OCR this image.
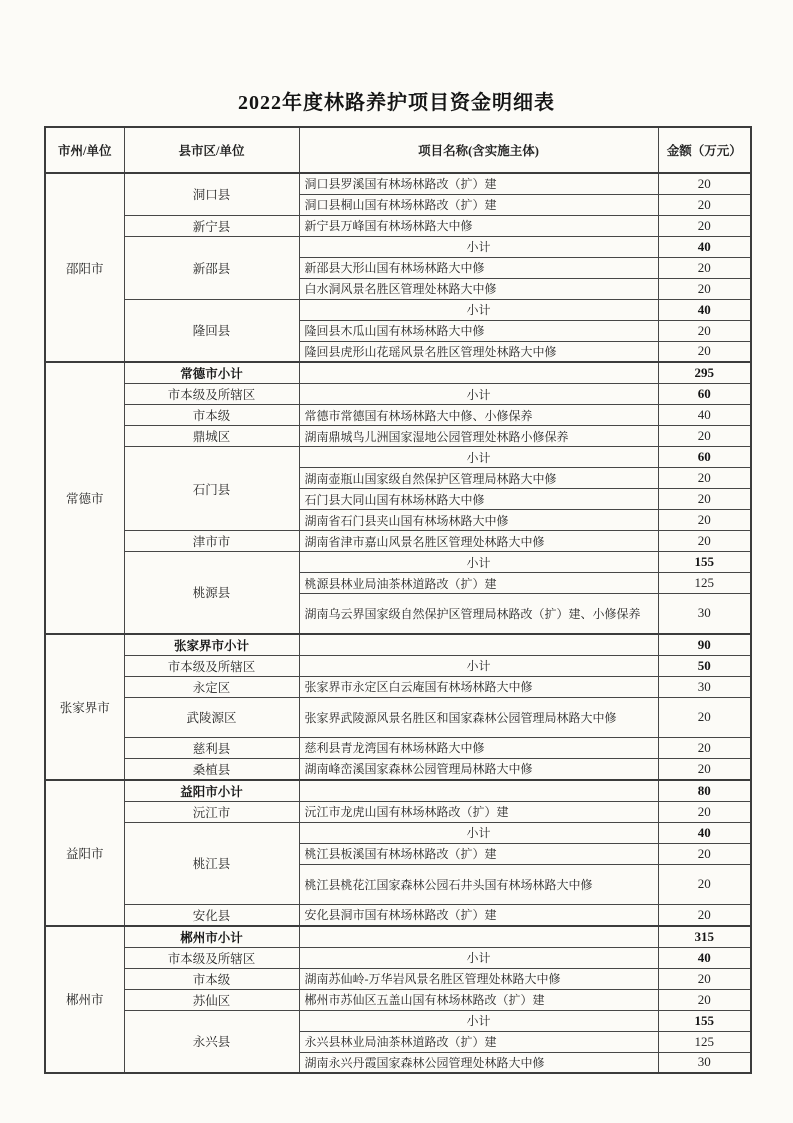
2022年度林路养护项目资金明细表
市州/单位	县市区/单位	项目名称(含实施主体)	金额（万元）
邵阳市	洞口县	洞口县罗溪国有林场林路改（扩）建	20
		洞口县桐山国有林场林路改（扩）建	20
	新宁县	新宁县万峰国有林场林路大中修	20
	新邵县	小计	40
		新邵县大形山国有林场林路大中修	20
		白水洞风景名胜区管理处林路大中修	20
	隆回县	小计	40
		隆回县木瓜山国有林场林路大中修	20
		隆回县虎形山花瑶风景名胜区管理处林路大中修	20
常德市	常德市小计		295
	市本级及所辖区	小计	60
	市本级	常德市常德国有林场林路大中修、小修保养	40
	鼎城区	湖南鼎城鸟儿洲国家湿地公园管理处林路小修保养	20
	石门县	小计	60
		湖南壶瓶山国家级自然保护区管理局林路大中修	20
		石门县大同山国有林场林路大中修	20
		湖南省石门县夹山国有林场林路大中修	20
	津市市	湖南省津市嘉山风景名胜区管理处林路大中修	20
	桃源县	小计	155
		桃源县林业局油茶林道路改（扩）建	125
		湖南乌云界国家级自然保护区管理局林路改（扩）建、小修保养	30
张家界市	张家界市小计		90
	市本级及所辖区	小计	50
	永定区	张家界市永定区白云庵国有林场林路大中修	30
	武陵源区	张家界武陵源风景名胜区和国家森林公园管理局林路大中修	20
	慈利县	慈利县青龙湾国有林场林路大中修	20
	桑植县	湖南峰峦溪国家森林公园管理局林路大中修	20
益阳市	益阳市小计		80
	沅江市	沅江市龙虎山国有林场林路改（扩）建	20
	桃江县	小计	40
		桃江县板溪国有林场林路改（扩）建	20
		桃江县桃花江国家森林公园石井头国有林场林路大中修	20
	安化县	安化县洞市国有林场林路改（扩）建	20
郴州市	郴州市小计		315
	市本级及所辖区	小计	40
	市本级	湖南苏仙岭-万华岩风景名胜区管理处林路大中修	20
	苏仙区	郴州市苏仙区五盖山国有林场林路改（扩）建	20
	永兴县	小计	155
		永兴县林业局油茶林道路改（扩）建	125
		湖南永兴丹霞国家森林公园管理处林路大中修	30
